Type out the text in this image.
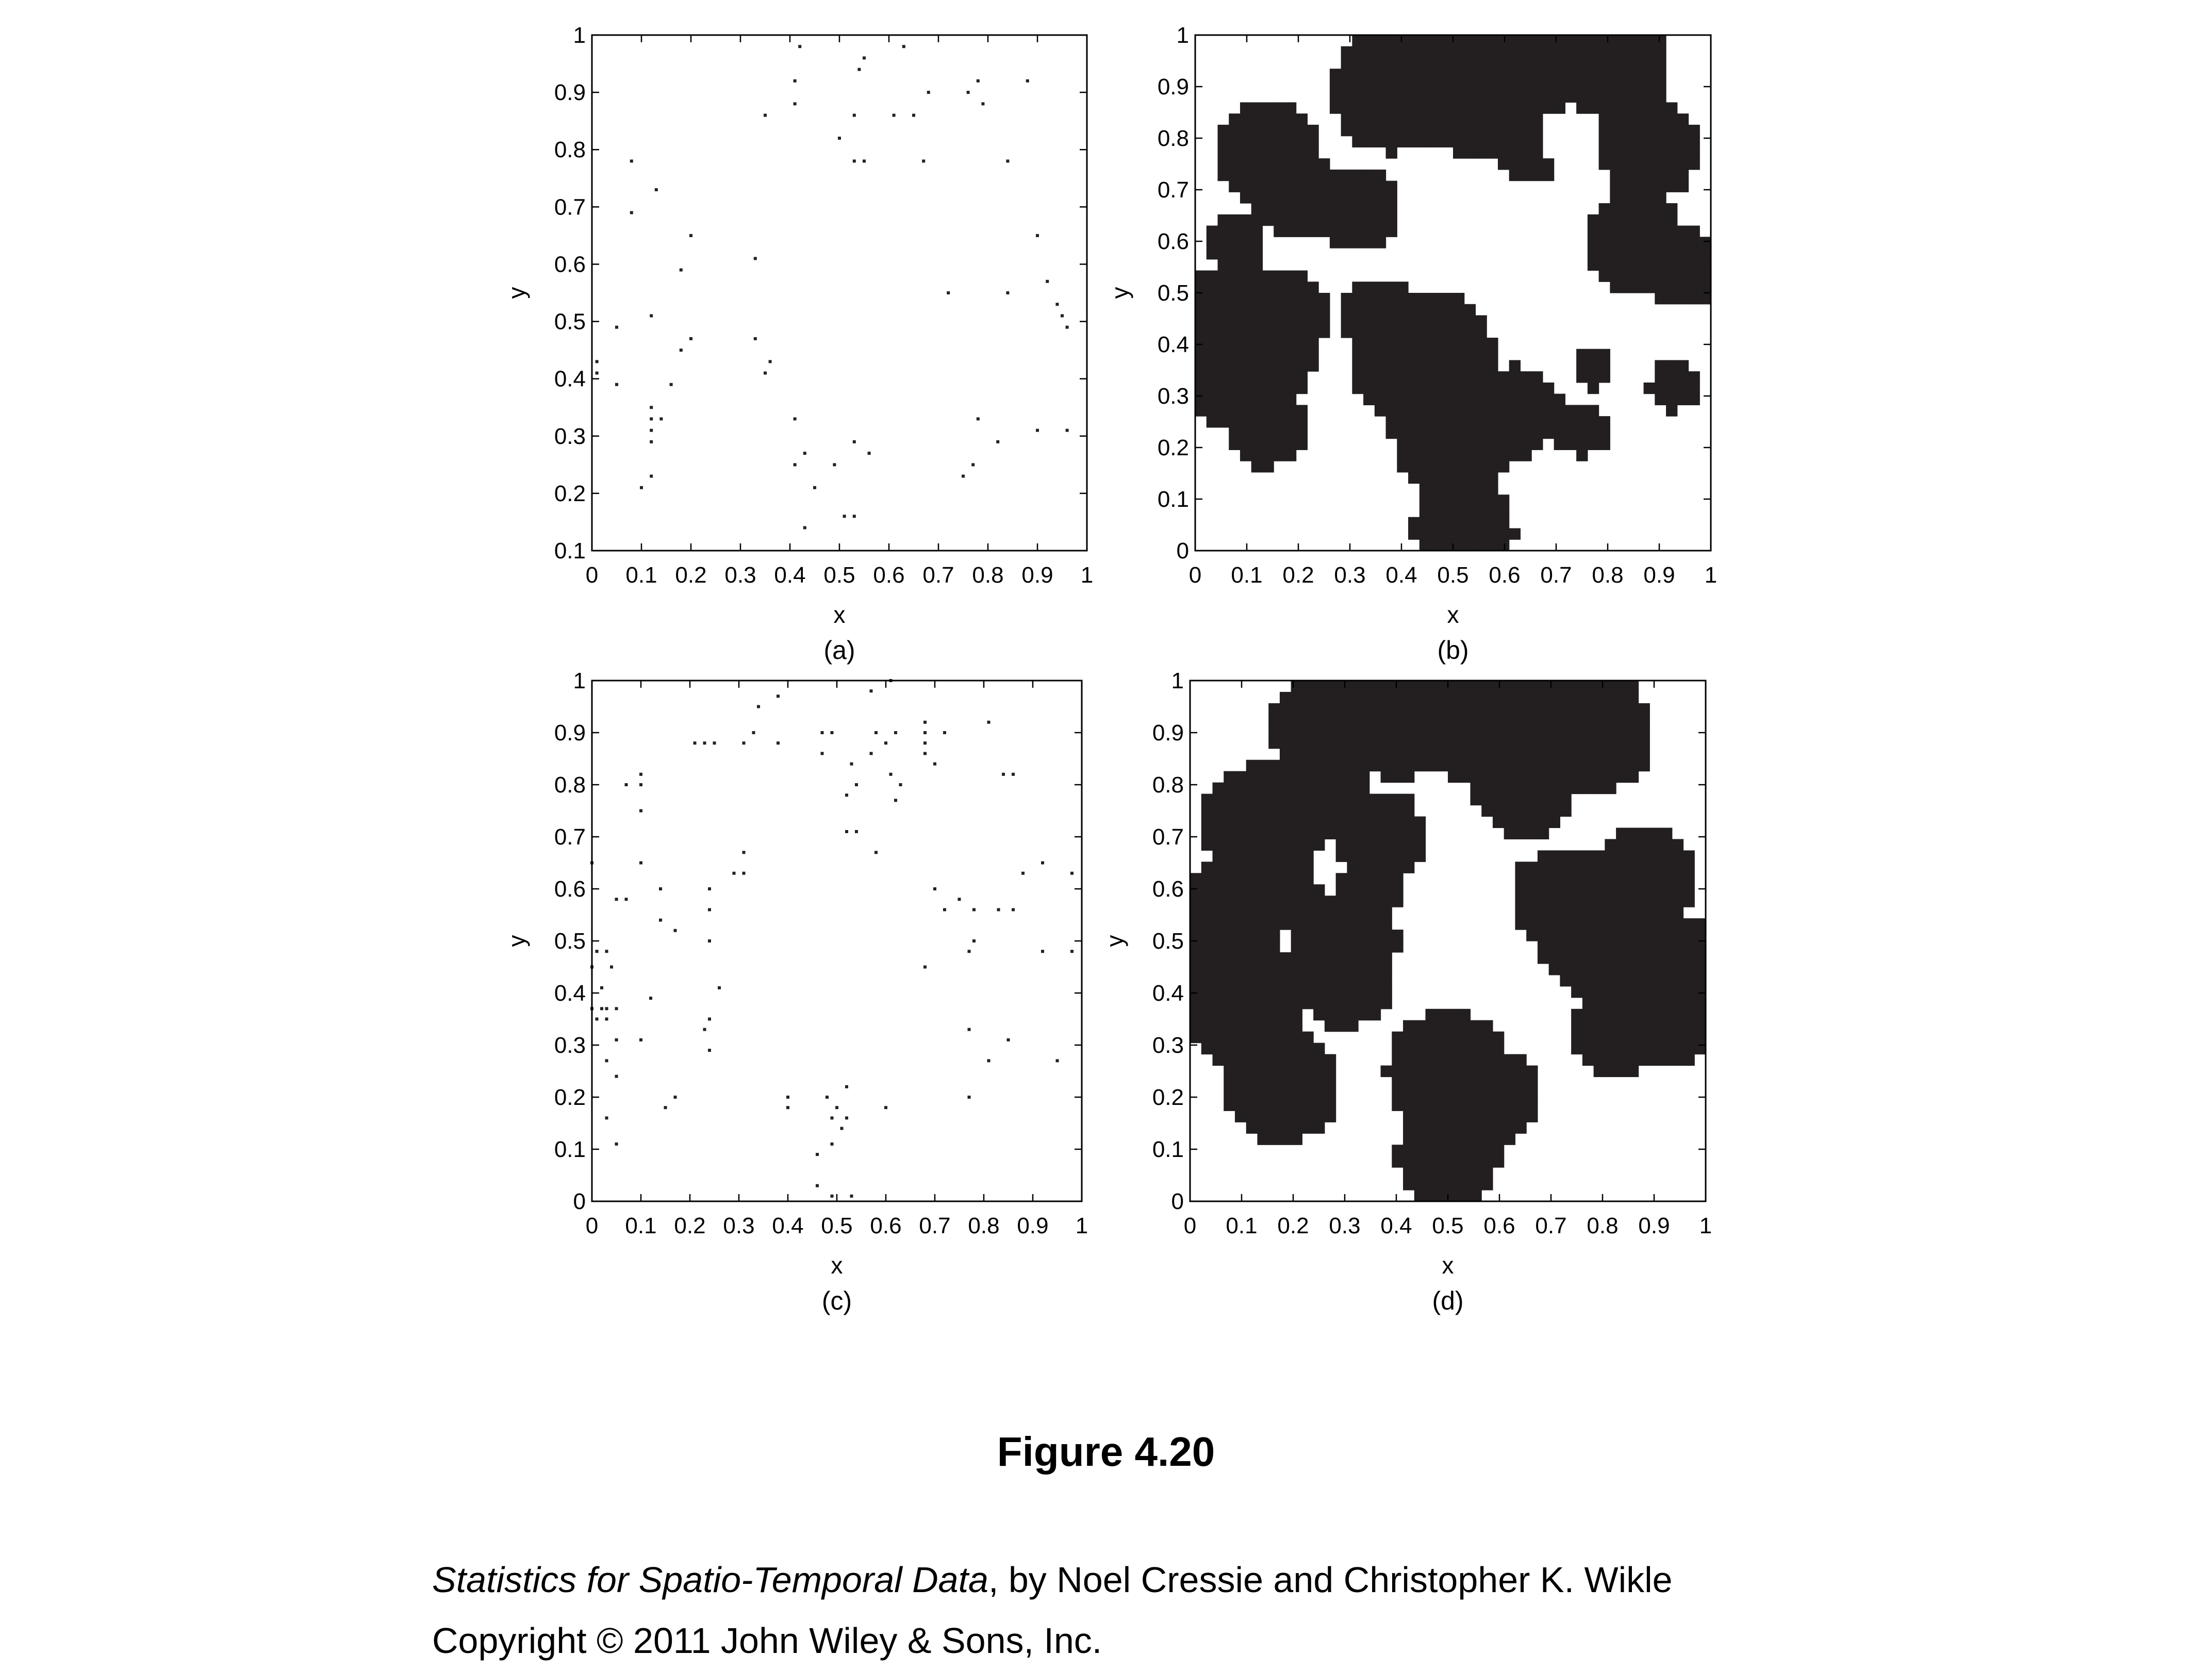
0 0.1 0.2 0.3 0.4 0.5 0.6 0.7 0.8 0.9 1
0.1
0.2
0.3
0.4
0.5
0.6
0.7
0.8
0.9
1
x
y
(a)
0 0.1 0.2 0.3 0.4 0.5 0.6 0.7 0.8 0.9 1
0
0.1
0.2
0.3
0.4
0.5
0.6
0.7
0.8
0.9
1
x
y
(b)
0 0.1 0.2 0.3 0.4 0.5 0.6 0.7 0.8 0.9 1
0
0.1
0.2
0.3
0.4
0.5
0.6
0.7
0.8
0.9
1
x
y
(c)
0 0.1 0.2 0.3 0.4 0.5 0.6 0.7 0.8 0.9 1
0
0.1
0.2
0.3
0.4
0.5
0.6
0.7
0.8
0.9
1
x
y
(d)
Figure 4.20
Statistics for Spatio-Temporal Data, by Noel Cressie and Christopher K. Wikle
Copyright © 2011 John Wiley & Sons, Inc.
